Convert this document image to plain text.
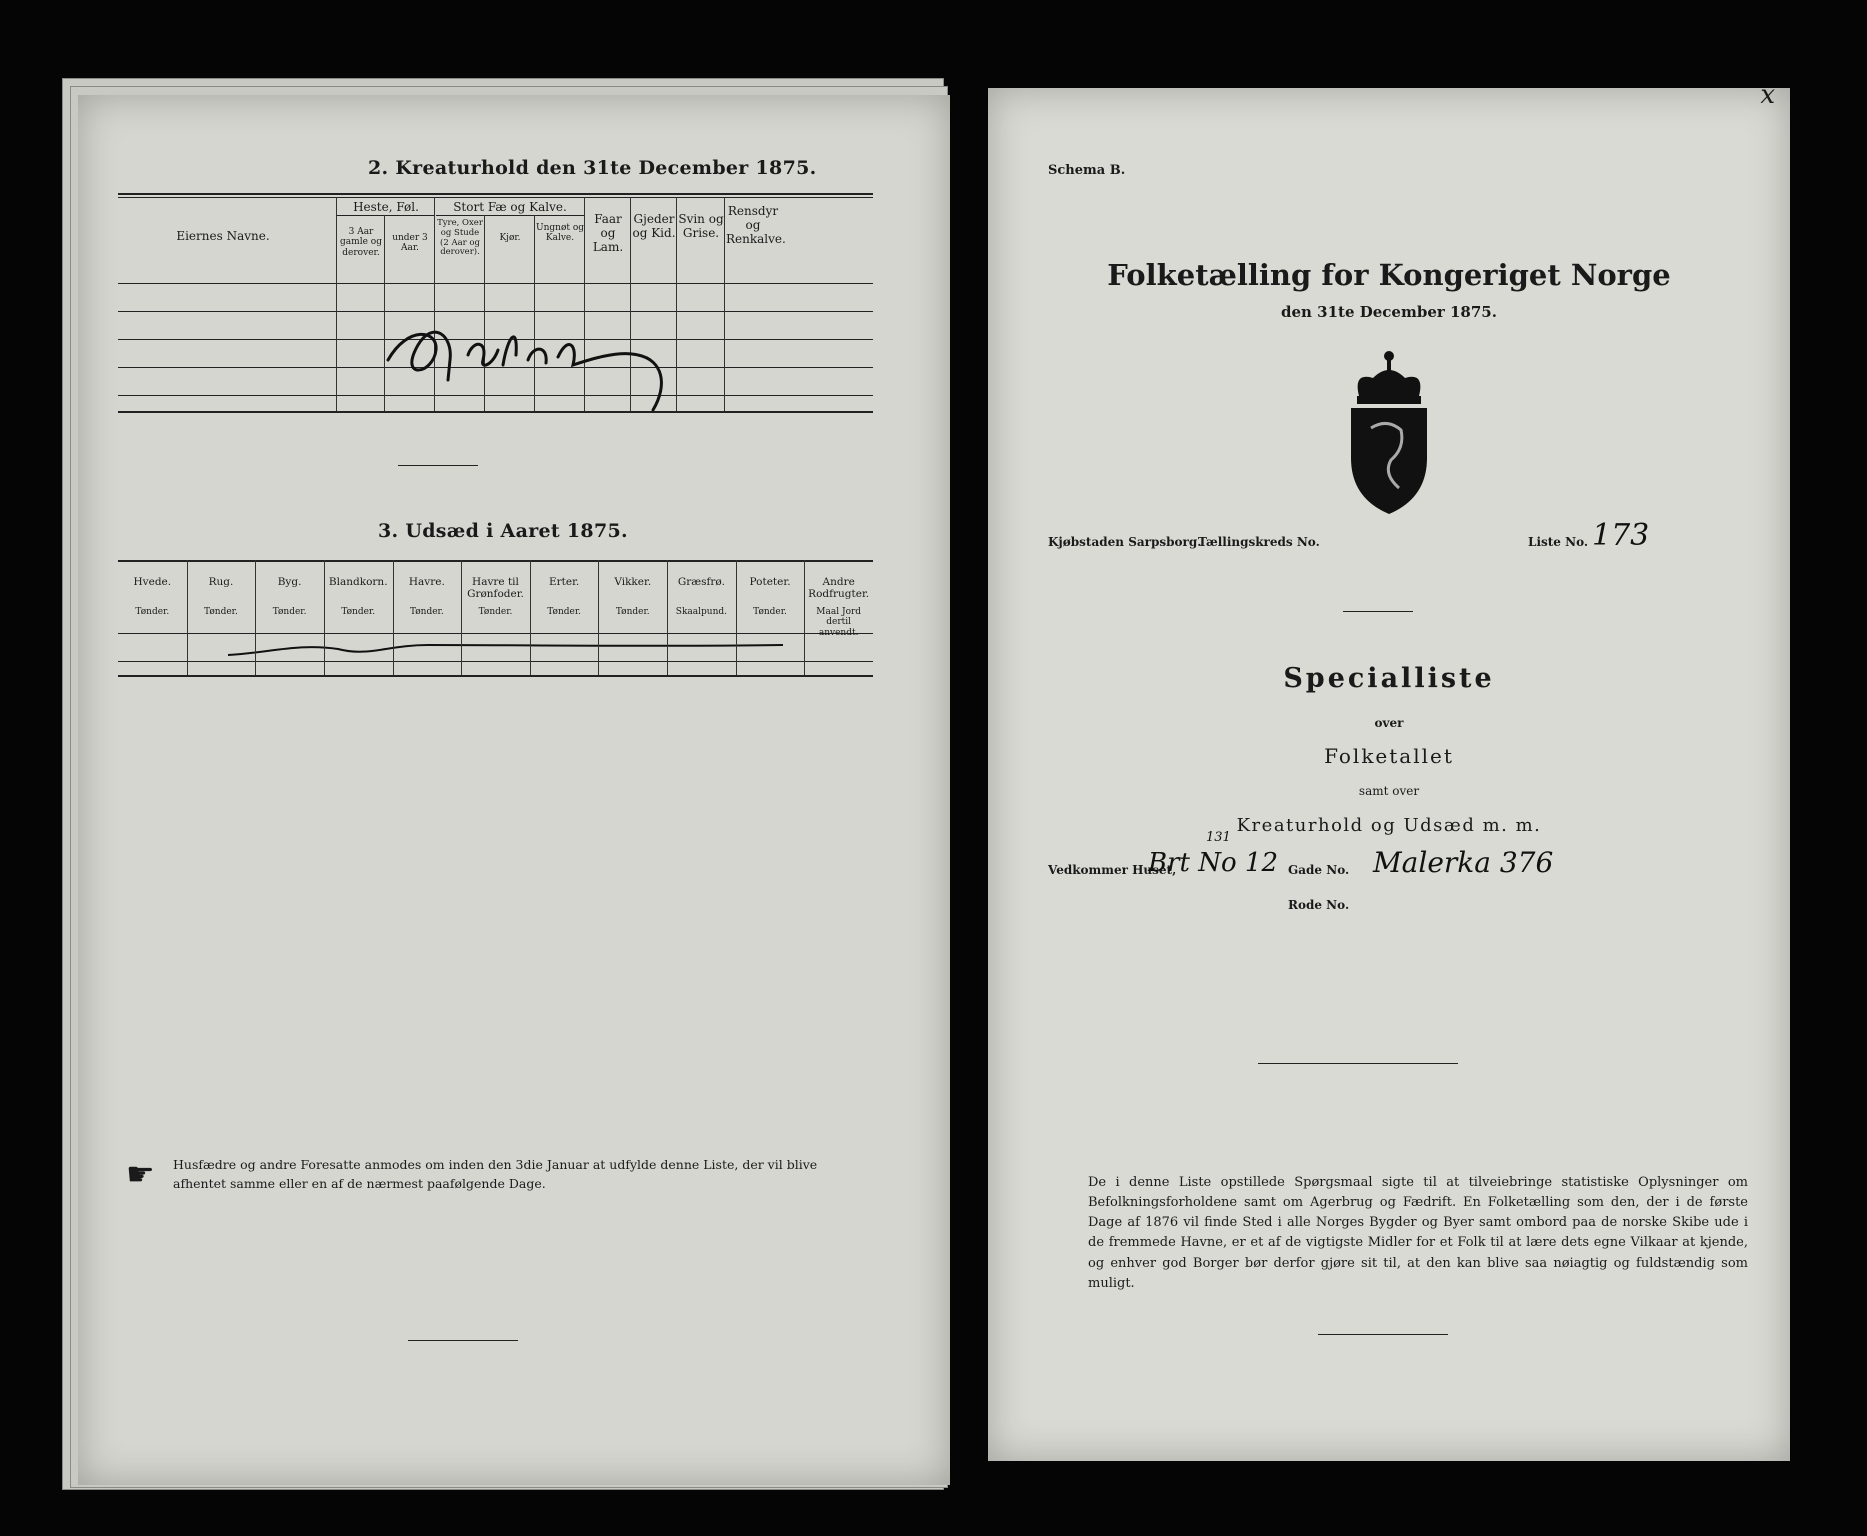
2. Kreaturhold den 31te December 1875.
Eiernes Navne.
Heste, Føl.
3 Aar gamle og derover.
under 3 Aar.
Stort Fæ og Kalve.
Tyre, Oxer og Stude (2 Aar og derover).
Kjør.
Ungnøt og Kalve.
Faar og Lam.
Gjeder og Kid.
Svin og Grise.
Rensdyr og Renkalve.
3. Udsæd i Aaret 1875.
☛ Husfædre og andre Foresatte anmodes om inden den 3die Januar at udfylde denne Liste, der vil blive afhentet samme eller en af de nærmest paafølgende Dage.
Hvede.
Tønder.
Rug.
Tønder.
Byg.
Tønder.
Blandkorn.
Tønder.
Havre.
Tønder.
Havre til Grønfoder.
Tønder.
Erter.
Tønder.
Vikker.
Tønder.
Græsfrø.
Skaalpund.
Poteter.
Tønder.
Andre Rodfrugter.
Maal Jord dertil anvendt.
x
Schema B.
Folketælling for Kongeriget Norge
den 31te December 1875.
Kjøbstaden Sarpsborg.
Tællingskreds No.	Liste No. 173
Specialliste
over
Folketallet
samt over
Kreaturhold og Udsæd m. m.
Vedkommer Huset,
Brt No 12
131
Gade No. Malerka 376
Rode No.
De i denne Liste opstillede Spørgsmaal sigte til at tilveiebringe statistiske Oplysninger om Befolkningsforholdene samt om Agerbrug og Fædrift. En Folketælling som den, der i de første Dage af 1876 vil finde Sted i alle Norges Bygder og Byer samt ombord paa de norske Skibe ude i de fremmede Havne, er et af de vigtigste Midler for et Folk til at lære dets egne Vilkaar at kjende, og enhver god Borger bør derfor gjøre sit til, at den kan blive saa nøiagtig og fuldstændig som muligt.
